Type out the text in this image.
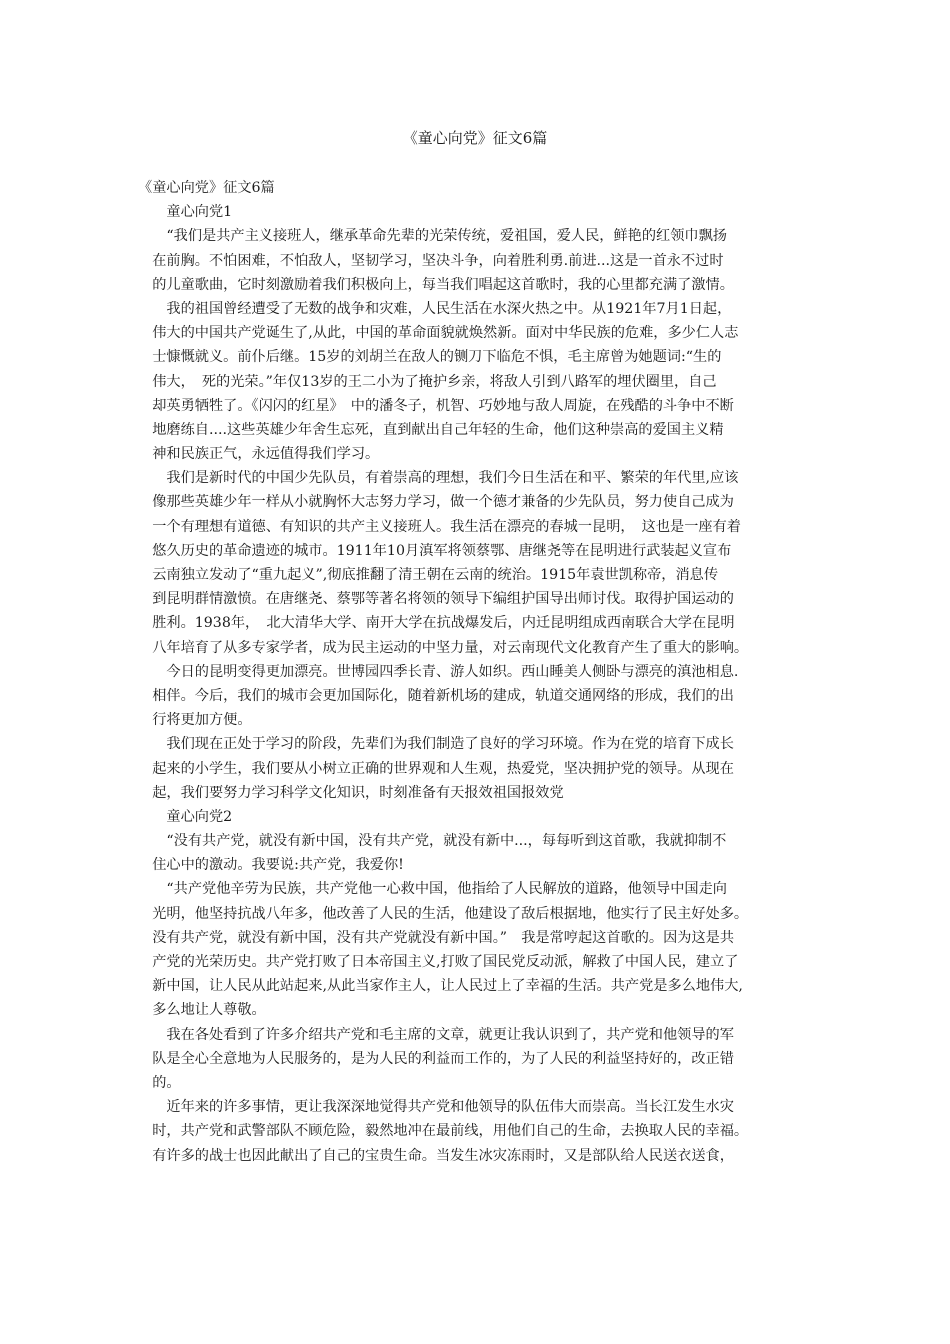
《童心向党》征文6篇
《童心向党》征文6篇
　　童心向党1
　　“我们是共产主义接班人，继承革命先辈的光荣传统，爱祖国，爱人民，鲜艳的红领巾飘扬
　在前胸。不怕困难，不怕敌人，坚韧学习，坚决斗争，向着胜利勇.前进...这是一首永不过时
　的儿童歌曲，它时刻激励着我们积极向上，每当我们唱起这首歌时，我的心里都充满了激情。
　　我的祖国曾经遭受了无数的战争和灾难，人民生活在水深火热之中。从1921年7月1日起，
　伟大的中国共产党诞生了,从此，中国的革命面貌就焕然新。面对中华民族的危难，多少仁人志
　士慷慨就义。前仆后继。15岁的刘胡兰在敌人的铡刀下临危不惧，毛主席曾为她题词:“生的
　伟大，　死的光荣。”年仅13岁的王二小为了掩护乡亲，将敌人引到八路军的埋伏圈里，自己
　却英勇牺牲了。《闪闪的红星》　中的潘冬子，机智、巧妙地与敌人周旋，在残酷的斗争中不断
　地磨练自....这些英雄少年舍生忘死，直到献出自己年轻的生命，他们这种崇高的爱国主义精
　神和民族正气，永远值得我们学习。
　　我们是新时代的中国少先队员，有着崇高的理想，我们今日生活在和平、繁荣的年代里,应该
　像那些英雄少年一样从小就胸怀大志努力学习，做一个德才兼备的少先队员，努力使自己成为
　一个有理想有道德、有知识的共产主义接班人。我生活在漂亮的春城一昆明，　这也是一座有着
　悠久历史的革命遗迹的城市。1911年10月滇军将领蔡鄂、唐继尧等在昆明进行武装起义宣布
　云南独立发动了“重九起义”,彻底推翻了清王朝在云南的统治。1915年袁世凯称帝，消息传
　到昆明群情激愤。在唐继尧、蔡鄂等著名将领的领导下编组护国导出师讨伐。取得护国运动的
　胜利。1938年，　北大清华大学、南开大学在抗战爆发后，内迁昆明组成西南联合大学在昆明
　八年培育了从多专家学者，成为民主运动的中坚力量，对云南现代文化教育产生了重大的影响。
　　今日的昆明变得更加漂亮。世博园四季长青、游人如织。西山睡美人侧卧与漂亮的滇池相息.
　相伴。今后，我们的城市会更加国际化，随着新机场的建成，轨道交通网络的形成，我们的出
　行将更加方便。
　　我们现在正处于学习的阶段，先辈们为我们制造了良好的学习环境。作为在党的培育下成长
　起来的小学生，我们要从小树立正确的世界观和人生观，热爱党，坚决拥护党的领导。从现在
　起，我们要努力学习科学文化知识，时刻准备有天报效祖国报效党
　　童心向党2
　　“没有共产党，就没有新中国，没有共产党，就没有新中...，每每听到这首歌，我就抑制不
　住心中的激动。我要说:共产党，我爱你!
　　“共产党他辛劳为民族，共产党他一心救中国，他指给了人民解放的道路，他领导中国走向
　光明，他坚持抗战八年多，他改善了人民的生活，他建设了敌后根据地，他实行了民主好处多。
　没有共产党，就没有新中国，没有共产党就没有新中国。”　我是常哼起这首歌的。因为这是共
　产党的光荣历史。共产党打败了日本帝国主义,打败了国民党反动派，解救了中国人民，建立了
　新中国，让人民从此站起来,从此当家作主人，让人民过上了幸福的生活。共产党是多么地伟大,
　多么地让人尊敬。
　　我在各处看到了许多介绍共产党和毛主席的文章，就更让我认识到了，共产党和他领导的军
　队是全心全意地为人民服务的，是为人民的利益而工作的，为了人民的利益坚持好的，改正错
　的。
　　近年来的许多事情，更让我深深地觉得共产党和他领导的队伍伟大而崇高。当长江发生水灾
　时，共产党和武警部队不顾危险，毅然地冲在最前线，用他们自己的生命，去换取人民的幸福。
　有许多的战士也因此献出了自己的宝贵生命。当发生冰灾冻雨时，又是部队给人民送衣送食，
